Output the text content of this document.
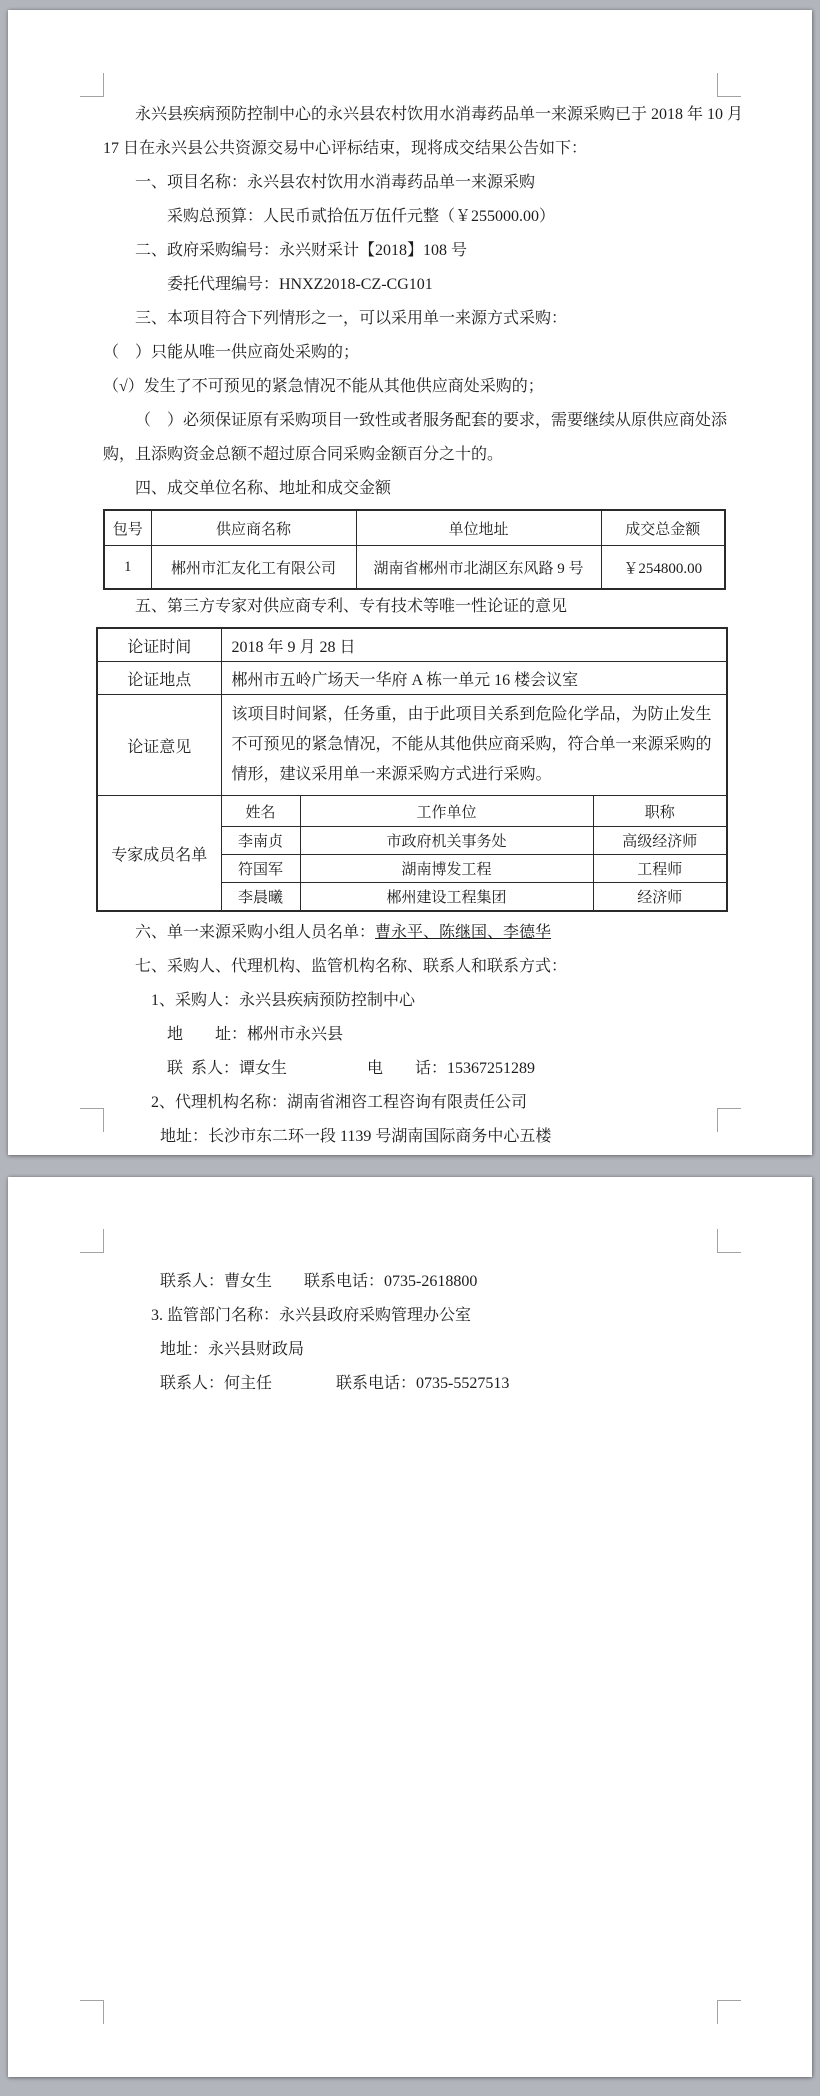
永兴县疾病预防控制中心的永兴县农村饮用水消毒药品单一来源采购已于 2018 年 10 月 17 日在永兴县公共资源交易中心评标结束，现将成交结果公告如下：
一、项目名称：永兴县农村饮用水消毒药品单一来源采购
采购总预算：人民币贰拾伍万伍仟元整（￥255000.00）
二、政府采购编号：永兴财采计【2018】108 号
委托代理编号：HNXZ2018-CZ-CG101
三、本项目符合下列情形之一，可以采用单一来源方式采购：
（　）只能从唯一供应商处采购的；
（√）发生了不可预见的紧急情况不能从其他供应商处采购的；
（　）必须保证原有采购项目一致性或者服务配套的要求，需要继续从原供应商处添购，且添购资金总额不超过原合同采购金额百分之十的。
四、成交单位名称、地址和成交金额
包号	供应商名称	单位地址	成交总金额
1	郴州市汇友化工有限公司	湖南省郴州市北湖区东风路 9 号	￥254800.00
五、第三方专家对供应商专利、专有技术等唯一性论证的意见
论证时间	2018 年 9 月 28 日		
论证地点	郴州市五岭广场天一华府 A 栋一单元 16 楼会议室		
论证意见	该项目时间紧，任务重，由于此项目关系到危险化学品，为防止发生不可预见的紧急情况，不能从其他供应商采购，符合单一来源采购的情形，建议采用单一来源采购方式进行采购。		
专家成员名单	姓名	工作单位	职称
	李南贞	市政府机关事务处	高级经济师
	符国军	湖南博发工程	工程师
	李晨曦	郴州建设工程集团	经济师
六、单一来源采购小组人员名单：曹永平、陈继国、李德华
七、采购人、代理机构、监管机构名称、联系人和联系方式：
1、采购人：永兴县疾病预防控制中心
地　　址：郴州市永兴县
联  系人：谭女生　　　　　电　　话：15367251289
2、代理机构名称：湖南省湘咨工程咨询有限责任公司
地址：长沙市东二环一段 1139 号湖南国际商务中心五楼
联系人：曹女生　　联系电话：0735-2618800
3. 监管部门名称：永兴县政府采购管理办公室
地址：永兴县财政局
联系人：何主任　　　　联系电话：0735-5527513
